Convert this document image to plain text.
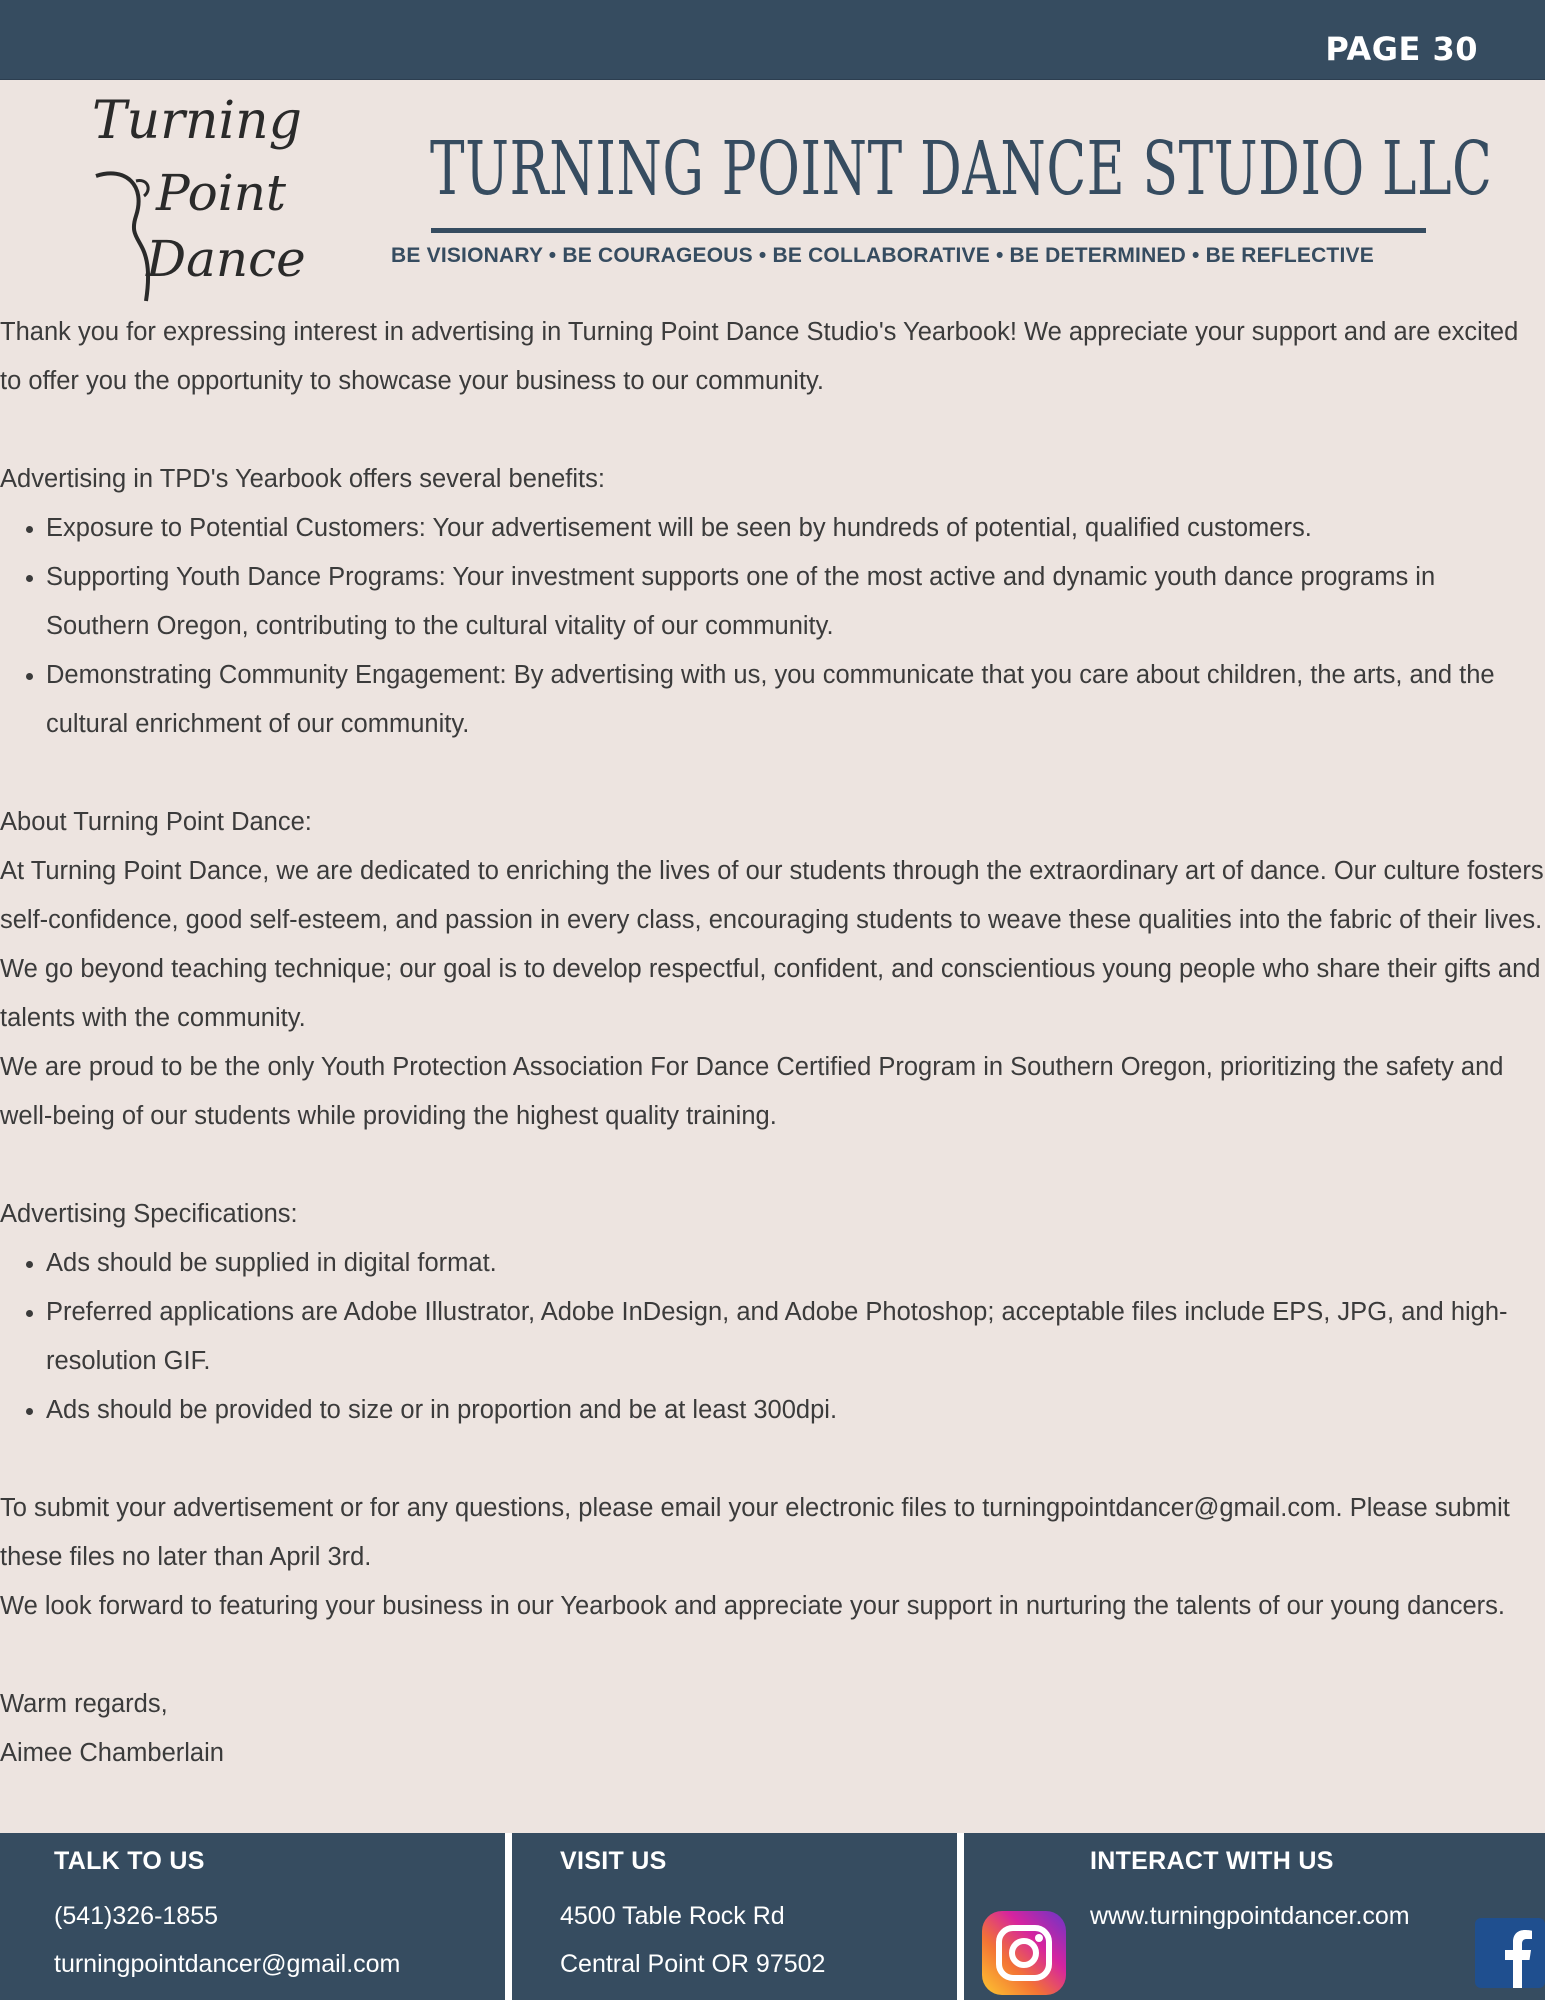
PAGE 30
Turning
Point
Dance
TURNING POINT DANCE STUDIO LLC
BE VISIONARY • BE COURAGEOUS • BE COLLABORATIVE • BE DETERMINED • BE REFLECTIVE

Thank you for expressing interest in advertising in Turning Point Dance Studio's Yearbook! We appreciate your support and are excited to offer you the opportunity to showcase your business to our community.

Advertising in TPD's Yearbook offers several benefits:

• Exposure to Potential Customers: Your advertisement will be seen by hundreds of potential, qualified customers.
• Supporting Youth Dance Programs: Your investment supports one of the most active and dynamic youth dance programs in Southern Oregon, contributing to the cultural vitality of our community.
• Demonstrating Community Engagement: By advertising with us, you communicate that you care about children, the arts, and the cultural enrichment of our community.

About Turning Point Dance:

At Turning Point Dance, we are dedicated to enriching the lives of our students through the extraordinary art of dance. Our culture fosters self-confidence, good self-esteem, and passion in every class, encouraging students to weave these qualities into the fabric of their lives. We go beyond teaching technique; our goal is to develop respectful, confident, and conscientious young people who share their gifts and talents with the community.

We are proud to be the only Youth Protection Association For Dance Certified Program in Southern Oregon, prioritizing the safety and well-being of our students while providing the highest quality training.

Advertising Specifications:

• Ads should be supplied in digital format.
• Preferred applications are Adobe Illustrator, Adobe InDesign, and Adobe Photoshop; acceptable files include EPS, JPG, and high-resolution GIF.
• Ads should be provided to size or in proportion and be at least 300dpi.

To submit your advertisement or for any questions, please email your electronic files to turningpointdancer@gmail.com. Please submit these files no later than April 3rd.

We look forward to featuring your business in our Yearbook and appreciate your support in nurturing the talents of our young dancers.

Warm regards,

Aimee Chamberlain

TALK TO US
(541)326-1855
turningpointdancer@gmail.com
VISIT US
4500 Table Rock Rd
Central Point OR 97502
INTERACT WITH US
www.turningpointdancer.com
